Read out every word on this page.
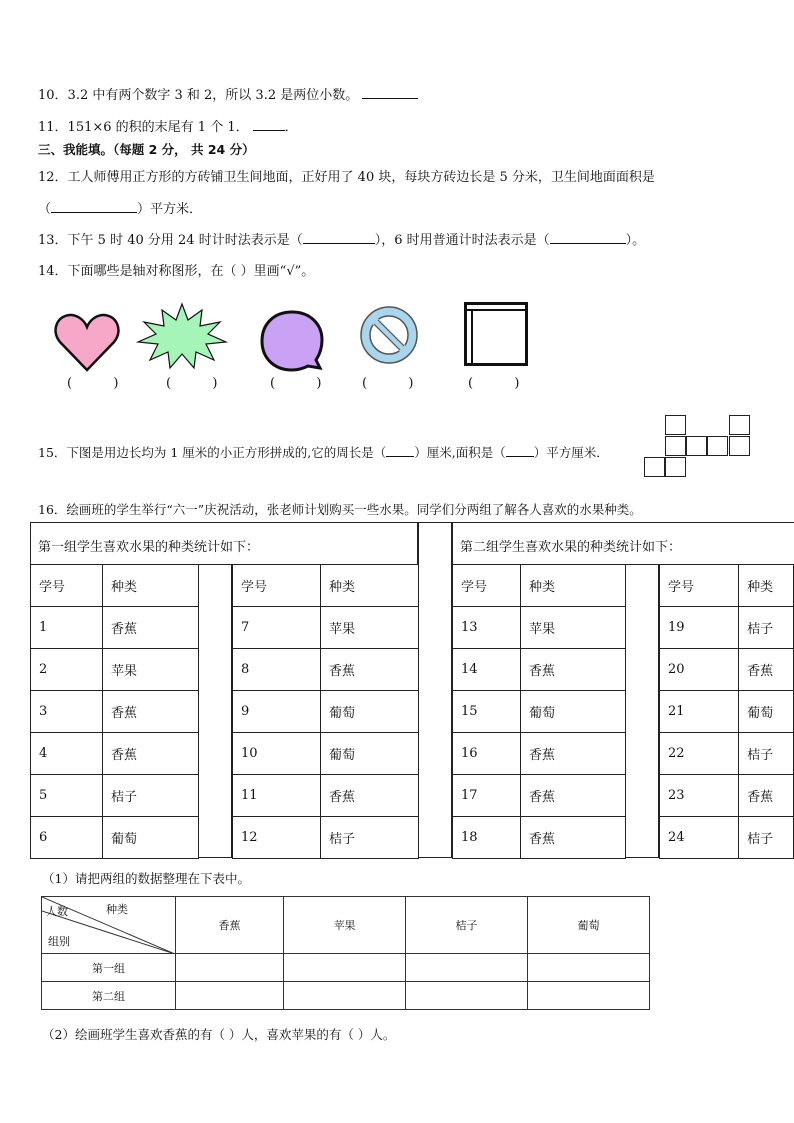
10．3.2 中有两个数字 3 和 2，所以 3.2 是两位小数。
11．151×6 的积的末尾有 1 个 1．	．
三、我能填。（每题 2 分， 共 24 分）
12．工人师傅用正方形的方砖铺卫生间地面，正好用了 40 块，每块方砖边长是 5 分米，卫生间地面面积是
（	）平方米．
13．下午 5 时 40 分用 24 时计时法表示是（	），6 时用普通计时法表示是（	）。
14．下面哪些是轴对称图形，在（ ）里画“√”。
(          )	(          )	(          )	(          )	(          )
15．下图是用边长均为 1 厘米的小正方形拼成的,它的周长是（ ）厘米,面积是（ ）平方厘米．
16．绘画班的学生举行“六一”庆祝活动，张老师计划购买一些水果。同学们分两组了解各人喜欢的水果种类。
第一组学生喜欢水果的种类统计如下：	第二组学生喜欢水果的种类统计如下：
学号	种类
1	香蕉
2	苹果
3	香蕉
4	香蕉
5	桔子
6	葡萄
学号	种类
7	苹果
8	香蕉
9	葡萄
10	葡萄
11	香蕉
12	桔子
学号	种类
13	苹果
14	香蕉
15	葡萄
16	香蕉
17	香蕉
18	香蕉
学号	种类
19	桔子
20	香蕉
21	葡萄
22	桔子
23	香蕉
24	桔子
（1）请把两组的数据整理在下表中。
人数 种类
组别	香蕉	苹果	桔子	葡萄
第一组				
第二组				
（2）绘画班学生喜欢香蕉的有（ ）人，喜欢苹果的有（ ）人。
